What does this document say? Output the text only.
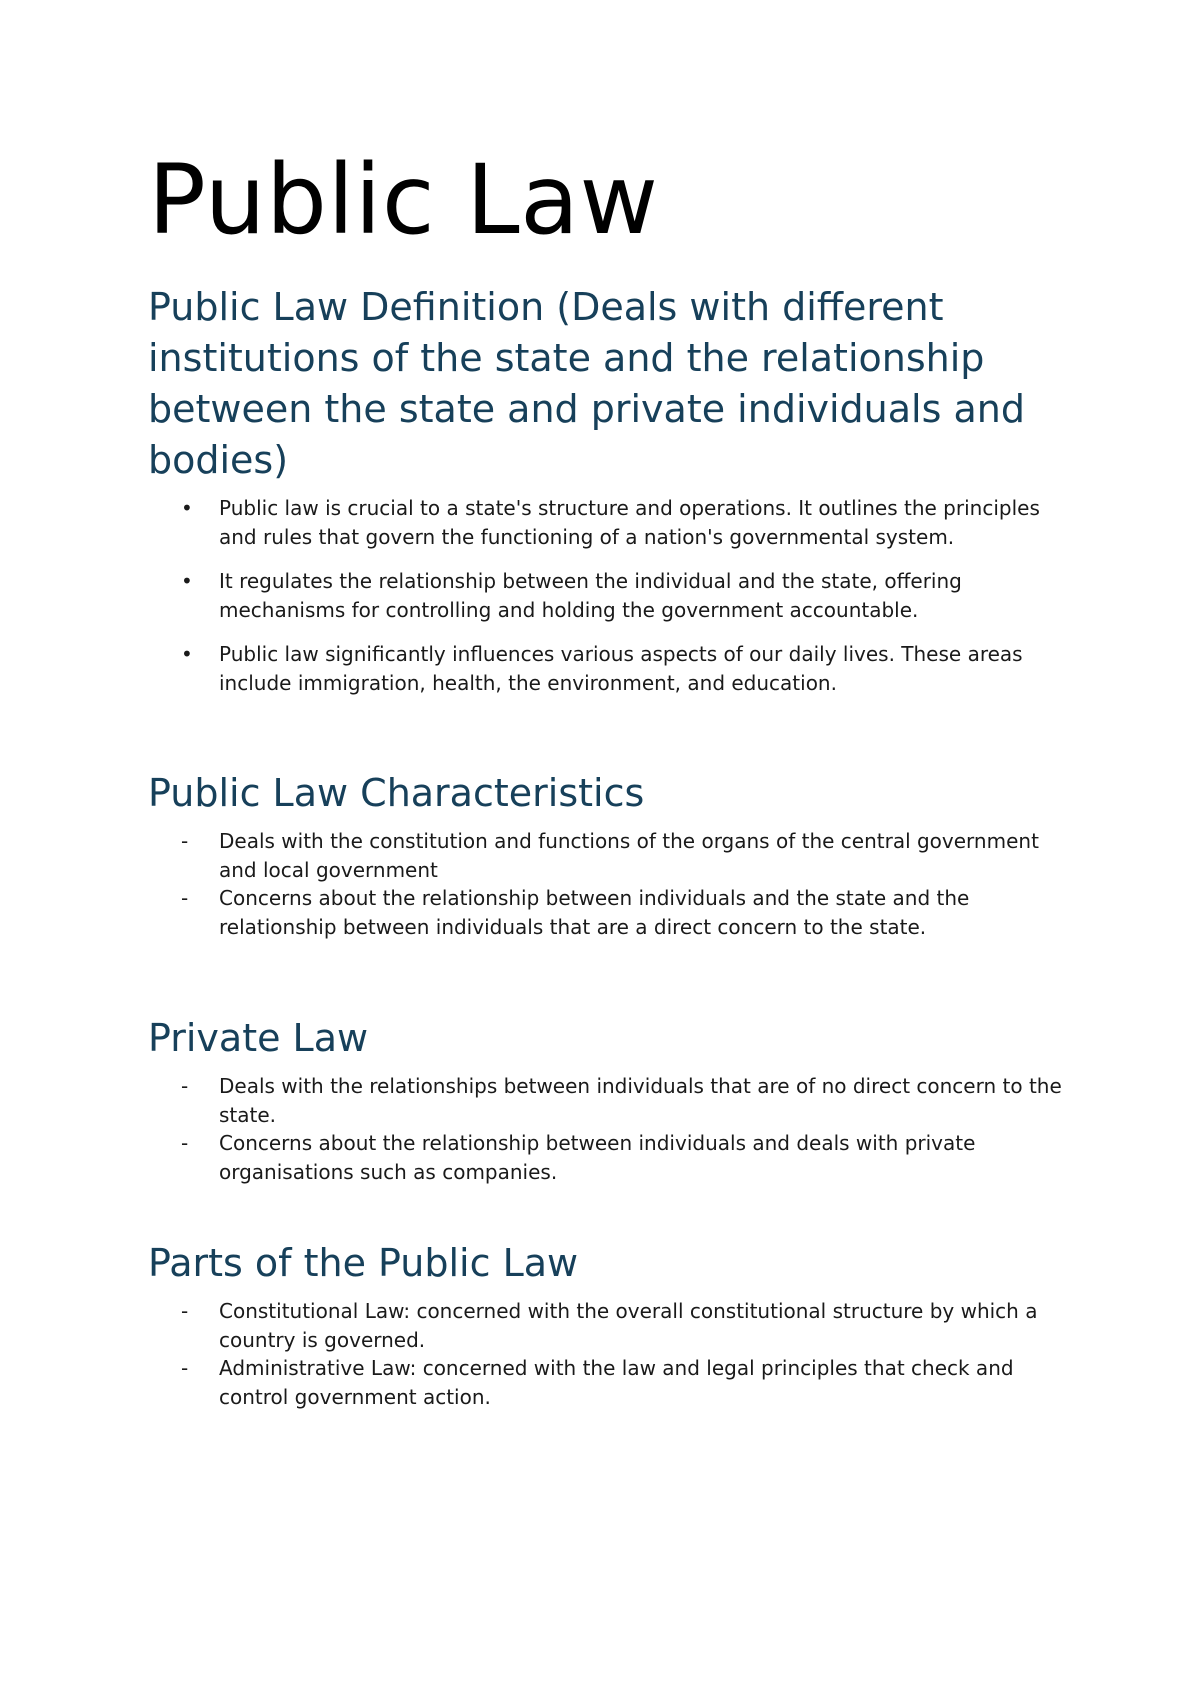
Public Law
Public Law Definition (Deals with different institutions of the state and the relationship between the state and private individuals and bodies)
•	Public law is crucial to a state's structure and operations. It outlines the principles and rules that govern the functioning of a nation's governmental system.
•	It regulates the relationship between the individual and the state, offering mechanisms for controlling and holding the government accountable.
•	Public law significantly influences various aspects of our daily lives. These areas include immigration, health, the environment, and education.
Public Law Characteristics
-	Deals with the constitution and functions of the organs of the central government and local government
-	Concerns about the relationship between individuals and the state and the relationship between individuals that are a direct concern to the state.
Private Law
-	Deals with the relationships between individuals that are of no direct concern to the state.
-	Concerns about the relationship between individuals and deals with private organisations such as companies.
Parts of the Public Law
-	Constitutional Law: concerned with the overall constitutional structure by which a country is governed.
-	Administrative Law: concerned with the law and legal principles that check and control government action.
